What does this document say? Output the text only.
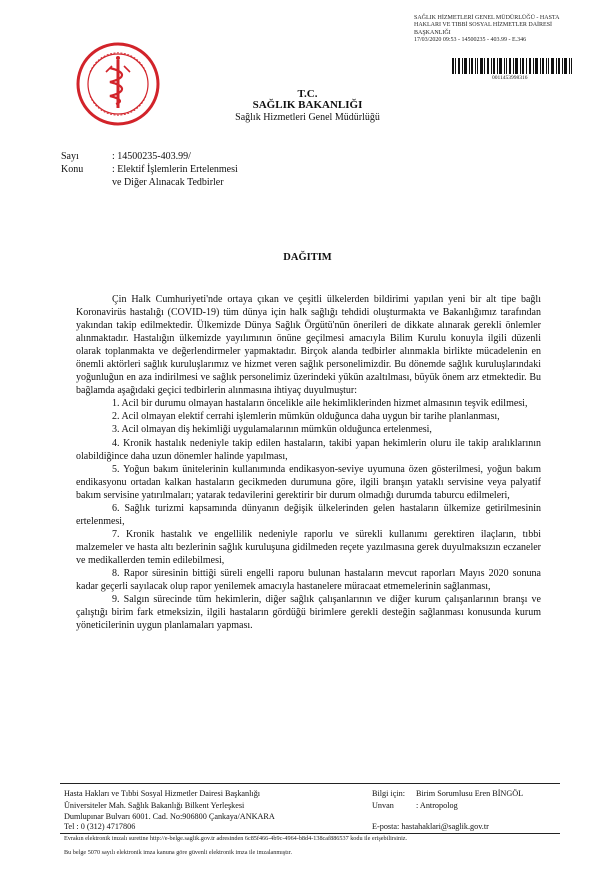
SAĞLIK HİZMETLERİ GENEL MÜDÜRLÜĞÜ - HASTA
HAKLARI VE TIBBİ SOSYAL HİZMETLER DAİRESİ
BAŞKANLIĞI
17/03/2020 09:53 - 14500235 - 403.99 - E.346
0011453998316
T.C.
SAĞLIK BAKANLIĞI
Sağlık Hizmetleri Genel Müdürlüğü
Sayı	: 14500235-403.99/
Konu	: Elektif İşlemlerin Ertelenmesi
ve Diğer Alınacak Tedbirler
DAĞITIM

Çin Halk Cumhuriyeti'nde ortaya çıkan ve çeşitli ülkelerden bildirimi yapılan yeni bir alt tipe bağlı Koronavirüs hastalığı (COVID-19) tüm dünya için halk sağlığı tehdidi oluşturmakta ve Bakanlığımız tarafından yakından takip edilmektedir. Ülkemizde Dünya Sağlık Örgütü'nün önerileri de dikkate alınarak gerekli önlemler alınmaktadır. Hastalığın ülkemizde yayılımının önüne geçilmesi amacıyla Bilim Kurulu konuyla ilgili düzenli olarak toplanmakta ve değerlendirmeler yapmaktadır. Birçok alanda tedbirler alınmakla birlikte mücadelenin en önemli aktörleri sağlık kuruluşlarımız ve hizmet veren sağlık personelimizdir. Bu dönemde sağlık kuruluşlarındaki yoğunluğun en aza indirilmesi ve sağlık personelimiz üzerindeki yükün azaltılması, büyük önem arz etmektedir. Bu bağlamda aşağıdaki geçici tedbirlerin alınmasına ihtiyaç duyulmuştur:

1. Acil bir durumu olmayan hastaların öncelikle aile hekimliklerinden hizmet almasının teşvik edilmesi,

2. Acil olmayan elektif cerrahi işlemlerin mümkün olduğunca daha uygun bir tarihe planlanması,

3. Acil olmayan diş hekimliği uygulamalarının mümkün olduğunca ertelenmesi,

4. Kronik hastalık nedeniyle takip edilen hastaların, takibi yapan hekimlerin oluru ile takip aralıklarının olabildiğince daha uzun dönemler halinde yapılması,

5. Yoğun bakım ünitelerinin kullanımında endikasyon-seviye uyumuna özen gösterilmesi, yoğun bakım endikasyonu ortadan kalkan hastaların gecikmeden durumuna göre, ilgili branşın yataklı servisine veya palyatif bakım servisine yatırılmaları; yatarak tedavilerini gerektirir bir durum olmadığı durumda taburcu edilmeleri,

6. Sağlık turizmi kapsamında dünyanın değişik ülkelerinden gelen hastaların ülkemize getirilmesinin ertelenmesi,

7. Kronik hastalık ve engellilik nedeniyle raporlu ve sürekli kullanımı gerektiren ilaçların, tıbbi malzemeler ve hasta altı bezlerinin sağlık kuruluşuna gidilmeden reçete yazılmasına gerek duyulmaksızın eczaneler ve medikallerden temin edilebilmesi,

8. Rapor süresinin bittiği süreli engelli raporu bulunan hastaların mevcut raporları Mayıs 2020 sonuna kadar geçerli sayılacak olup rapor yenilemek amacıyla hastanelere müracaat etmemelerinin sağlanması,

9. Salgın sürecinde tüm hekimlerin, diğer sağlık çalışanlarının ve diğer kurum çalışanlarının branşı ve çalıştığı birim fark etmeksizin, ilgili hastaların gördüğü birimlere gerekli desteğin sağlanması konusunda kurum yöneticilerinin uygun planlamaları yapması.

Hasta Hakları ve Tıbbi Sosyal Hizmetler Dairesi Başkanlığı
Üniversiteler Mah. Sağlık Bakanlığı Bilkent Yerleşkesi
Dumlupınar Bulvarı 6001. Cad. No:906800 Çankaya/ANKARA
Bilgi için: Birim Sorumlusu Eren BİNGÖL
Unvan	: Antropolog
Tel : 0 (312) 4717806	E-posta: hastahaklari@saglik.gov.tr
Evrakın elektronik imzalı suretine http://e-belge.saglik.gov.tr adresinden 6c85f466-4b9c-4964-b8d4-138caf886537 kodu ile erişebilirsiniz.
Bu belge 5070 sayılı elektronik imza kanuna göre güvenli elektronik imza ile imzalanmıştır.
